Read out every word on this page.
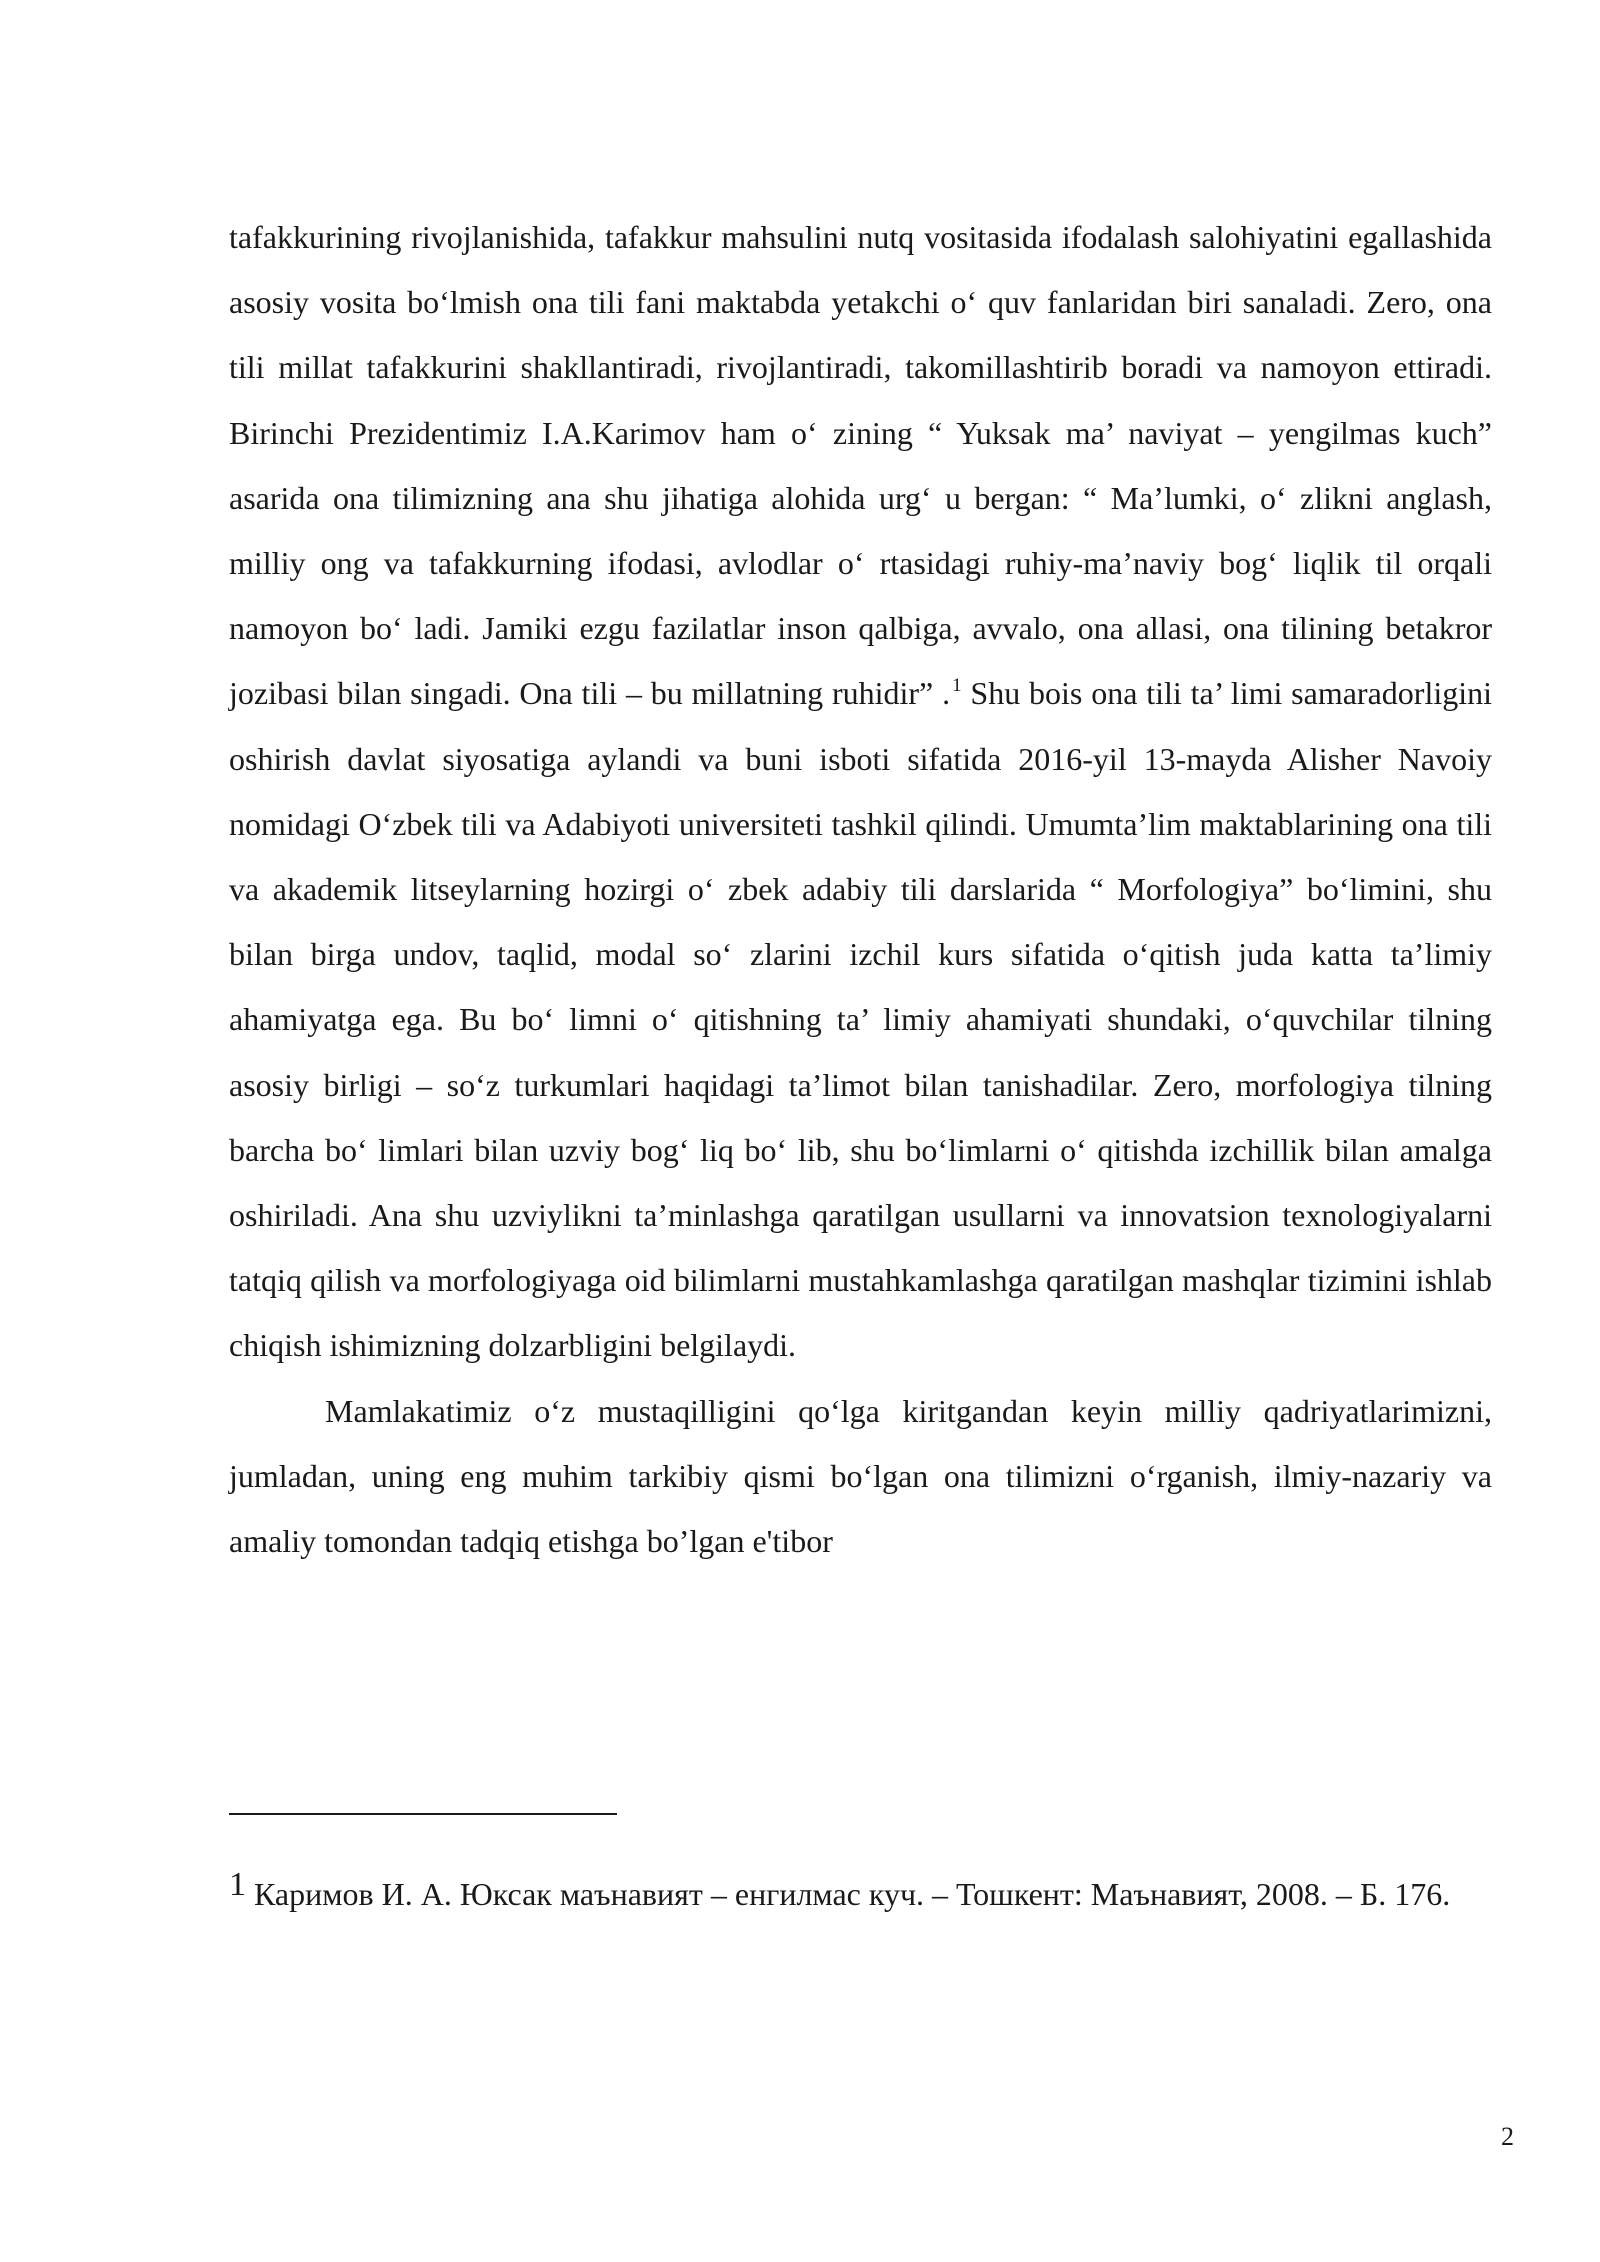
tafakkurining rivojlanishida, tafakkur mahsulini nutq vositasida ifodalash salohiyatini egallashida asosiy vosita bo‘lmish ona tili fani maktabda yetakchi o‘ quv fanlaridan biri sanaladi. Zero, ona tili millat tafakkurini shakllantiradi, rivojlantiradi, takomillashtirib boradi va namoyon ettiradi. Birinchi Prezidentimiz I.A.Karimov ham o‘ zining “ Yuksak ma’ naviyat – yengilmas kuch” asarida ona tilimizning ana shu jihatiga alohida urg‘ u bergan: “ Ma’lumki, o‘ zlikni anglash, milliy ong va tafakkurning ifodasi, avlodlar o‘ rtasidagi ruhiy-ma’naviy bog‘ liqlik til orqali namoyon bo‘ ladi. Jamiki ezgu fazilatlar inson qalbiga, avvalo, ona allasi, ona tilining betakror jozibasi bilan singadi. Ona tili – bu millatning ruhidir” . $^1$ Shu bois ona tili ta’ limi samaradorligini oshirish davlat siyosatiga aylandi va buni isboti sifatida 2016-yil 13-mayda Alisher Navoiy nomidagi O‘zbek tili va Adabiyoti universiteti tashkil qilindi. Umumta’lim maktablarining ona tili va akademik litseylarning hozirgi o‘ zbek adabiy tili darslarida “ Morfologiya” bo‘limini, shu bilan birga undov, taqlid, modal so‘ zlarini izchil kurs sifatida o‘qitish juda katta ta’limiy ahamiyatga ega. Bu bo‘ limni o‘ qitishning ta’ limiy ahamiyati shundaki, o‘quvchilar tilning asosiy birligi – so‘z turkumlari haqidagi ta’limot bilan tanishadilar. Zero, morfologiya tilning barcha bo‘ limlari bilan uzviy bog‘ liq bo‘ lib, shu bo‘limlarni o‘ qitishda izchillik bilan amalga oshiriladi. Ana shu uzviylikni ta’minlashga qaratilgan usullarni va innovatsion texnologiyalarni tatqiq qilish va morfologiyaga oid bilimlarni mustahkamlashga qaratilgan mashqlar tizimini ishlab chiqish ishimizning dolzarbligini belgilaydi.

Mamlakatimiz o‘z mustaqilligini qo‘lga kiritgandan keyin milliy qadriyatlarimizni, jumladan, uning eng muhim tarkibiy qismi bo‘lgan ona tilimizni o‘rganish, ilmiy-nazariy va amaliy tomondan tadqiq etishga bo’lgan e'tibor

1 Каримов И. А. Юксак маънавият – енгилмас куч. – Тошкент: Маънавият, 2008. – Б. 176.

2
